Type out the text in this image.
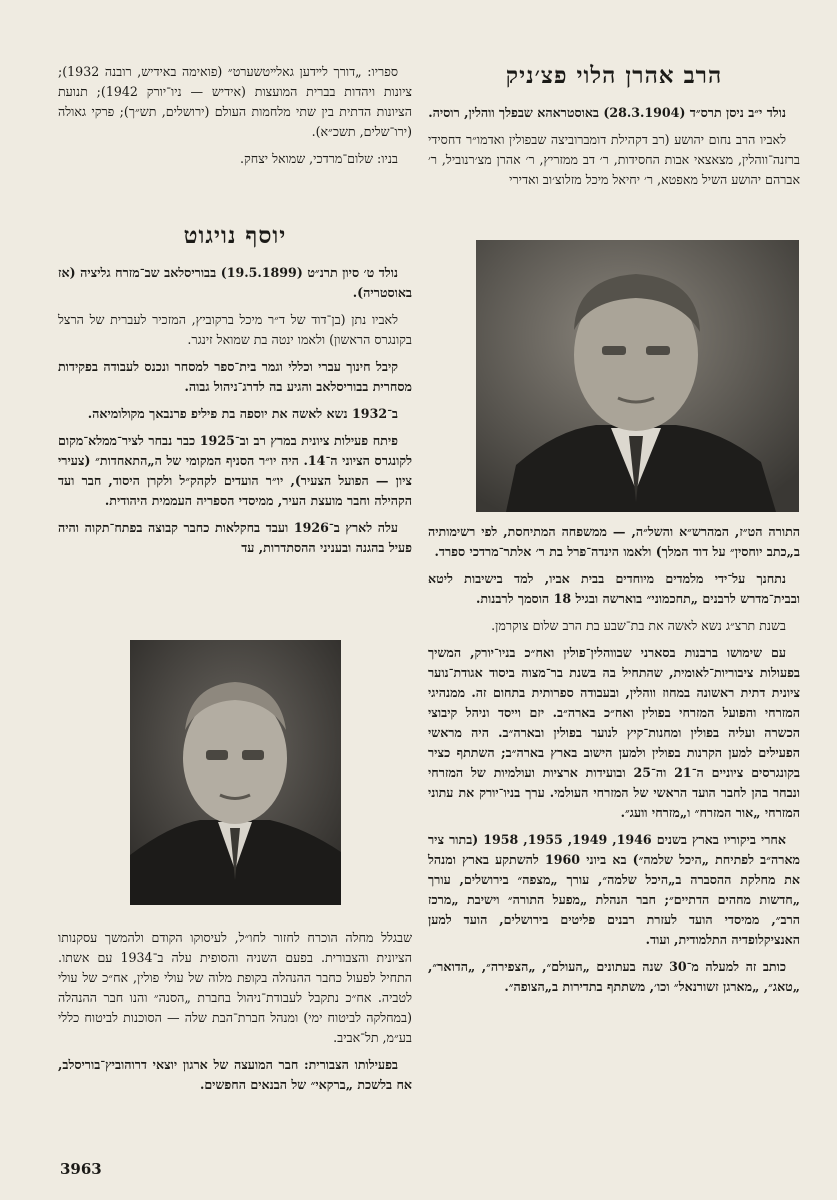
ספריו: „דורך לײדען גאלײטשערט״ (פואימה באידיש, רובנה 1932); ציונות ויהדות בברית המועצות (אידיש — ניו־יורק 1942); תנועת הציונות הדתית בין שתי מלחמות העולם (ירושלים, תש״ך); פרקי גאולה (ירו־שלים, תשכ״א).

בניו: שלום־מרדכי, שמואל יצחק.

יוסף נויגוט

נולד ט׳ סיון תרנ״ט (19.5.1899) בבוריסלאב שב־מזרח גליציה (אז באוסטריה).

לאביו נתן (בן־דוד של ד״ר מיכל ברקוביץ, המזכיר לעברית של הרצל בקונגרס הראשון) ולאמו ינטה בת שמואל זינגר.

קיבל חינוך עברי וכללי וגמר בית־ספר למסחר ונכנס לעבודה בפקידות מסחרית בבוריסלאב והגיע בה לדרג־ניהול גבוה.

ב־1932 נשא לאשה את יוספה בת פיליפ פרנבאך מקולומיאה.

פיתח פעילות ציונית במרץ רב וב־1925 כבר נבחר לציר־ממלא־מקום לקונגרס הציוני ה־14. היה יו״ר הסניף המקומי של ה„התאחדות״ (צעירי ציון — הפועל הצעיר), יו״ר הועדים לקהק״ל ולקרן היסוד, חבר ועד הקהילה וחבר מועצת העיר, ממיסדי הספריה העממית היהודית.

עלה לארץ ב־1926 ועבד בחקלאות כחבר קבוצה בפתח־תקוה והיה פעיל בהגנה ובעניני ההסתדרות, עד

שבגלל מחלה הוכרח לחזור לחו״ל, לעיסוקו הקודם ולהמשך עסקנותו הציונית והצבורית. בפעם השניה והסופית עלה ב־1934 עם אשתו. התחיל לפעול כחבר ההנהלה בקופת מלוה של עולי פולין, אח״כ של עולי לטביה. אח״כ נתקבל לעבודת־ניהול בחברת „הסנה״ והנו חבר ההנהלה (במחלקה לביטוח ימי) ומנהל חברת־הבת שלה — הסוכנות לביטוח כללי בע״מ, תל־אביב.

בפעילותו הצבורית: חבר המועצה של ארגון יוצאי דרוהוביץ־בוריסלב, אח בלשכת „ברקאי״ של הבנאים החפשים.

הרב אהרן הלוי פצ׳ניק

נולד י״ב ניסן תרס״ד (28.3.1904) באוסטראהא שבפלך ווהלין, רוסיה.

לאביו הרב נחום יהושע (רב דקהילת דומברוביצה שבפולין ואדמו״ר דחסידי ברזנה־ווהלין, מצאצאי אבות החסידות, ר׳ דב ממזריץ, ר׳ אהרן מצ׳רנוביל, ר׳ אברהם יהושע השיל מאפטא, ר׳ יחיאל מיכל מזלוצ׳וב ואדירי

התורה הט״ז, המהרש״א והשל״ה, — ממשפחה המתיחסת, לפי רשימותיה ב„כתב יוחסין״ על דוד המלך) ולאמו הינדה־פרל בת ר׳ אלתר־מרדכי ספרד.

נתחנך על־ידי מלמדים מיוחדים בבית אביו, למד בישיבות ליטא ובבית־מדרש לרבנים „תחכמוני״ בוארשה ובגיל 18 הוסמך לרבנות.

בשנת תרצ״ג נשא לאשה את בת־שבע בת הרב שלום צוקרמן.

עם שימושו ברבנות בסארני שבווהלין־פולין ואח״כ בניו־יורק, המשיך בפעולות ציבוריות־לאומית, שהתחיל בה בשנת בר־מצוה ביסוד אגודת־נוער ציונית דתית ראשונה במחוז ווהלין, ובעבודה ספרותית בתחום זה. ממנהיגי המזרחי והפועל המזרחי בפולין ואח״כ בארה״ב. יזם וייסד וניהל קיבוצי הכשרה ועליה בפולין ומחנות־קיץ לנוער בפולין ובארה״ב. היה מראשי הפעילים למען הקרנות בפולין ולמען הישוב בארץ בארה״ב; השתתף כציר בקונגרסים ציוניים ה־21 וה־25 ובועידות ארציות ועולמיות של המזרחי ונבחר בהן לחבר הועד הראשי של המזרחי העולמי. ערך בניו־יורק את עתוני המזרחי „אור המזרח״ ו„מזרחי וועג״.

אחרי ביקוריו בארץ בשנים 1946, 1949, 1955, 1958 (בתור ציר מארה״ב לפתיחת „היכל שלמה״) בא ביוני 1960 להשתקע בארץ ומנהל את מחלקת ההסברה ב„היכל שלמה״, עורך „מצפה״ בירושלים, עורך „חדשות מחהים הדתיים״; חבר הנהלת „מפעל התורה״ וישיבת „מרכז הרב״, ממיסדי הועד לעזרת רבנים פליטים בירושלים, הועד למען האנציקלופדיה התלמודית, ועוד.

כותב זה למעלה מ־30 שנה בעתונים „העולם״, „הצפירה״, „הדואר״, „טאג״, „מארגן זשורנאל״ וכו׳, משתתף בתדירות ב„הצופה״.

3963
